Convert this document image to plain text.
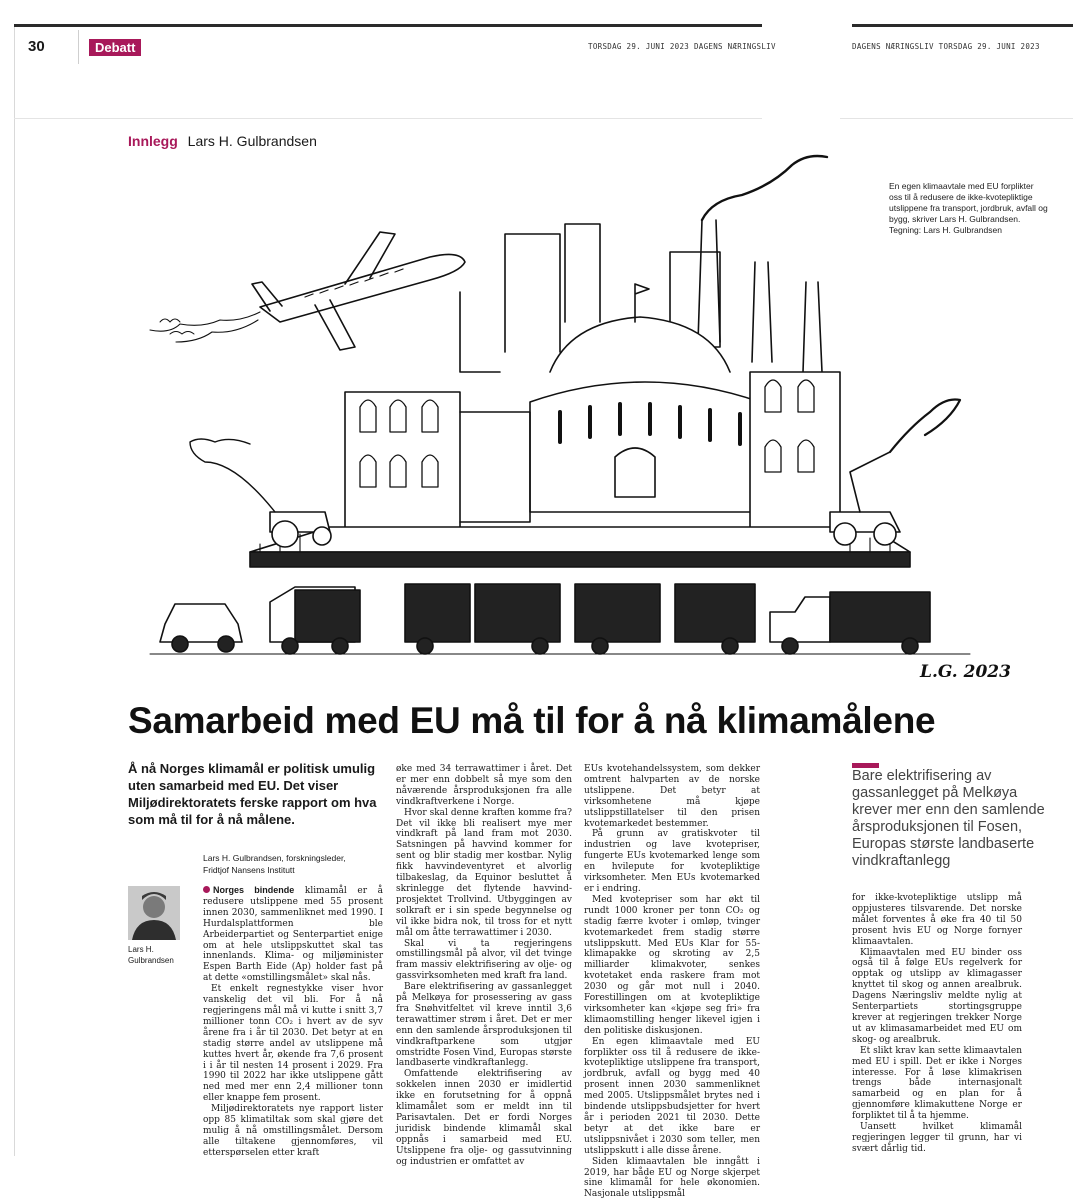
30	Debatt	TORSDAG 29. JUNI 2023 DAGENS NÆRINGSLIV	DAGENS NÆRINGSLIV TORSDAG 29. JUNI 2023
Innlegg Lars H. Gulbrandsen
L.G. 2023
En egen klimaavtale med EU forplikter oss til å redusere de ikke-kvotepliktige utslippene fra transport, jordbruk, avfall og bygg, skriver Lars H. Gulbrandsen. Tegning: Lars H. Gulbrandsen
Samarbeid med EU må til for å nå klimamålene
Å nå Norges klimamål er politisk umulig uten samarbeid med EU. Det viser Miljødirektoratets ferske rapport om hva som må til for å nå målene.
Lars H. Gulbrandsen, forskningsleder,
Fridtjof Nansens Institutt
Lars H. Gulbrandsen

Norges bindende klimamål er å redusere utslippene med 55 prosent innen 2030, sammenliknet med 1990. I Hurdalsplattformen ble Arbeiderpartiet og Senterpartiet enige om at hele utslippskuttet skal tas innenlands. Klima- og miljøminister Espen Barth Eide (Ap) holder fast på at dette «omstillingsmålet» skal nås.

Et enkelt regnestykke viser hvor vanskelig det vil bli. For å nå regjeringens mål må vi kutte i snitt 3,7 millioner tonn CO₂ i hvert av de syv årene fra i år til 2030. Det betyr at en stadig større andel av utslippene må kuttes hvert år, økende fra 7,6 prosent i i år til nesten 14 prosent i 2029. Fra 1990 til 2022 har ikke utslippene gått ned med mer enn 2,4 millioner tonn eller knappe fem prosent.

Miljødirektoratets nye rapport lister opp 85 klimatiltak som skal gjøre det mulig å nå omstillingsmålet. Dersom alle tiltakene gjennomføres, vil etterspørselen etter kraft

øke med 34 terrawattimer i året. Det er mer enn dobbelt så mye som den nåværende årsproduksjonen fra alle vindkraftverkene i Norge.

Hvor skal denne kraften komme fra? Det vil ikke bli realisert mye mer vindkraft på land fram mot 2030. Satsningen på havvind kommer for sent og blir stadig mer kostbar. Nylig fikk havvindeventyret et alvorlig tilbakeslag, da Equinor besluttet å skrinlegge det flytende havvind-prosjektet Trollvind. Utbyggingen av solkraft er i sin spede begynnelse og vil ikke bidra nok, til tross for et nytt mål om åtte terrawattimer i 2030.

Skal vi ta regjeringens omstillingsmål på alvor, vil det tvinge fram massiv elektrifisering av olje- og gassvirksomheten med kraft fra land.

Bare elektrifisering av gassanlegget på Melkøya for prosessering av gass fra Snøhvitfeltet vil kreve inntil 3,6 terawattimer strøm i året. Det er mer enn den samlende årsproduksjonen til vindkraftparkene som utgjør omstridte Fosen Vind, Europas største landbaserte vindkraftanlegg.

Omfattende elektrifisering av sokkelen innen 2030 er imidlertid ikke en forutsetning for å oppnå klimamålet som er meldt inn til Parisavtalen. Det er fordi Norges juridisk bindende klimamål skal oppnås i samarbeid med EU. Utslippene fra olje- og gassutvinning og industrien er omfattet av

EUs kvotehandelssystem, som dekker omtrent halvparten av de norske utslippene. Det betyr at virksomhetene må kjøpe utslippstillatelser til den prisen kvotemarkedet bestemmer.

På grunn av gratiskvoter til industrien og lave kvotepriser, fungerte EUs kvotemarked lenge som en hvilepute for kvotepliktige virksomheter. Men EUs kvotemarked er i endring.

Med kvotepriser som har økt til rundt 1000 kroner per tonn CO₂ og stadig færre kvoter i omløp, tvinger kvotemarkedet frem stadig større utslippskutt. Med EUs Klar for 55-klimapakke og skroting av 2,5 milliarder klimakvoter, senkes kvotetaket enda raskere fram mot 2030 og går mot null i 2040. Forestillingen om at kvotepliktige virksomheter kan «kjøpe seg fri» fra klimaomstilling henger likevel igjen i den politiske diskusjonen.

En egen klimaavtale med EU forplikter oss til å redusere de ikke-kvotepliktige utslippene fra transport, jordbruk, avfall og bygg med 40 prosent innen 2030 sammenliknet med 2005. Utslippsmålet brytes ned i bindende utslippsbudsjetter for hvert år i perioden 2021 til 2030. Dette betyr at det ikke bare er utslippsnivået i 2030 som teller, men utslippskutt i alle disse årene.

Siden klimaavtalen ble inngått i 2019, har både EU og Norge skjerpet sine klimamål for hele økonomien. Nasjonale utslippsmål

Bare elektrifisering av gassanlegget på Melkøya krever mer enn den samlende årsproduksjonen til Fosen, Europas største landbaserte vindkraftanlegg

for ikke-kvotepliktige utslipp må oppjusteres tilsvarende. Det norske målet forventes å øke fra 40 til 50 prosent hvis EU og Norge fornyer klimaavtalen.

Klimaavtalen med EU binder oss også til å følge EUs regelverk for opptak og utslipp av klimagasser knyttet til skog og annen arealbruk. Dagens Næringsliv meldte nylig at Senterpartiets stortingsgruppe krever at regjeringen trekker Norge ut av klimasamarbeidet med EU om skog- og arealbruk.

Et slikt krav kan sette klimaavtalen med EU i spill. Det er ikke i Norges interesse. For å løse klimakrisen trengs både internasjonalt samarbeid og en plan for å gjennomføre klimakuttene Norge er forpliktet til å ta hjemme.

Uansett hvilket klimamål regjeringen legger til grunn, har vi svært dårlig tid.
